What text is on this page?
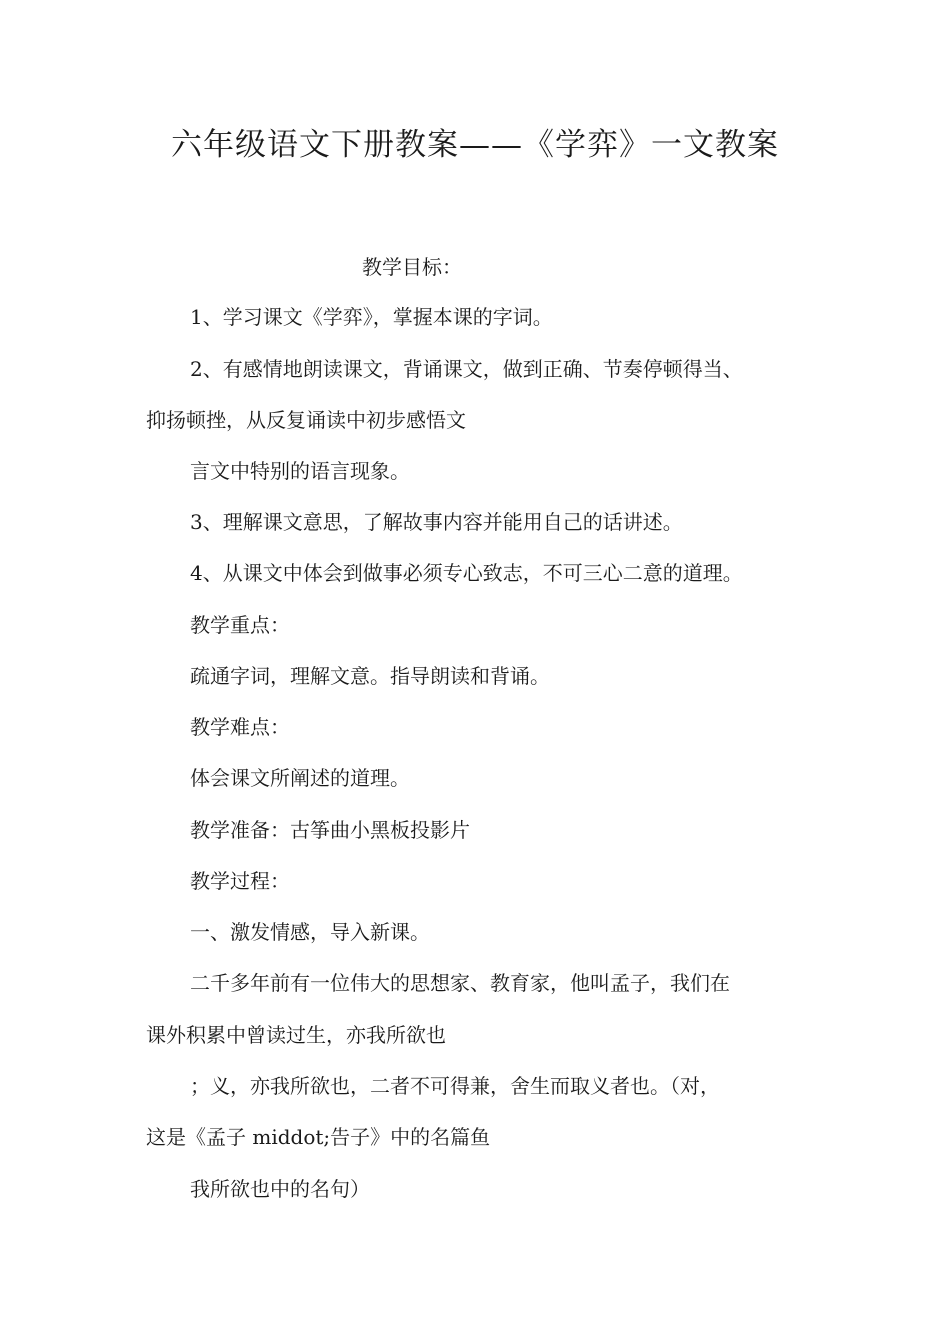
六年级语文下册教案——《学弈》一文教案

教学目标：

1、学习课文《学弈》，掌握本课的字词。

2、有感情地朗读课文，背诵课文，做到正确、节奏停顿得当、

抑扬顿挫，从反复诵读中初步感悟文

言文中特别的语言现象。

3、理解课文意思，了解故事内容并能用自己的话讲述。

4、从课文中体会到做事必须专心致志，不可三心二意的道理。

教学重点：

疏通字词，理解文意。指导朗读和背诵。

教学难点：

体会课文所阐述的道理。

教学准备：古筝曲小黑板投影片

教学过程：

一、激发情感，导入新课。

二千多年前有一位伟大的思想家、教育家，他叫孟子，我们在

课外积累中曾读过生，亦我所欲也

；义，亦我所欲也，二者不可得兼，舍生而取义者也。（对，

这是《孟子 middot;告子》中的名篇鱼

我所欲也中的名句）
